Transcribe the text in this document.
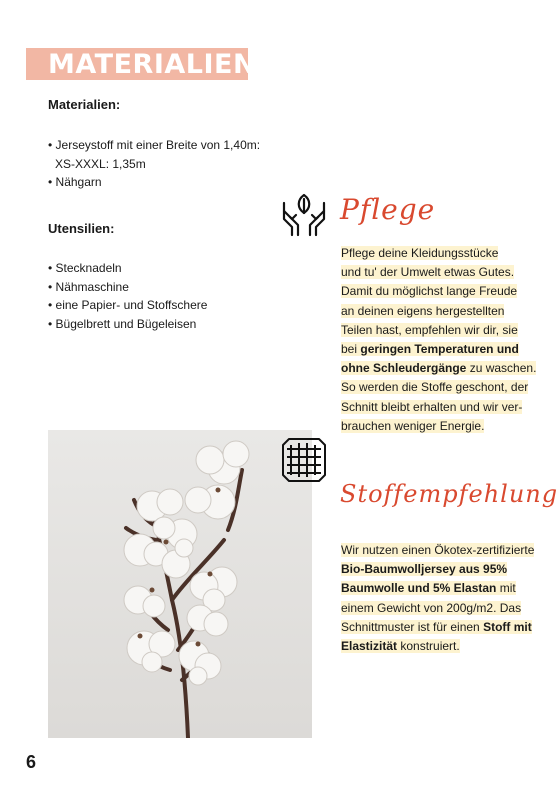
MATERIALIEN
Materialien:
• Jerseystoff mit einer Breite von 1,40m:
XS-XXXL: 1,35m
• Nähgarn
Utensilien:
• Stecknadeln
• Nähmaschine
• eine Papier- und Stoffschere
• Bügelbrett und Bügeleisen
Pflege

Pflege deine Kleidungsstücke
und tu' der Umwelt etwas Gutes.
Damit du möglichst lange Freude
an deinen eigens hergestellten
Teilen hast, empfehlen wir dir, sie
bei geringen Temperaturen und
ohne Schleudergänge zu waschen.
So werden die Stoffe geschont, der
Schnitt bleibt erhalten und wir ver-
brauchen weniger Energie.

Stoffempfehlung

Wir nutzen einen Ökotex-zertifizierte
Bio-Baumwolljersey aus 95%
Baumwolle und 5% Elastan mit
einem Gewicht von 200g/m2. Das
Schnittmuster ist für einen Stoff mit
Elastizität konstruiert.

6
